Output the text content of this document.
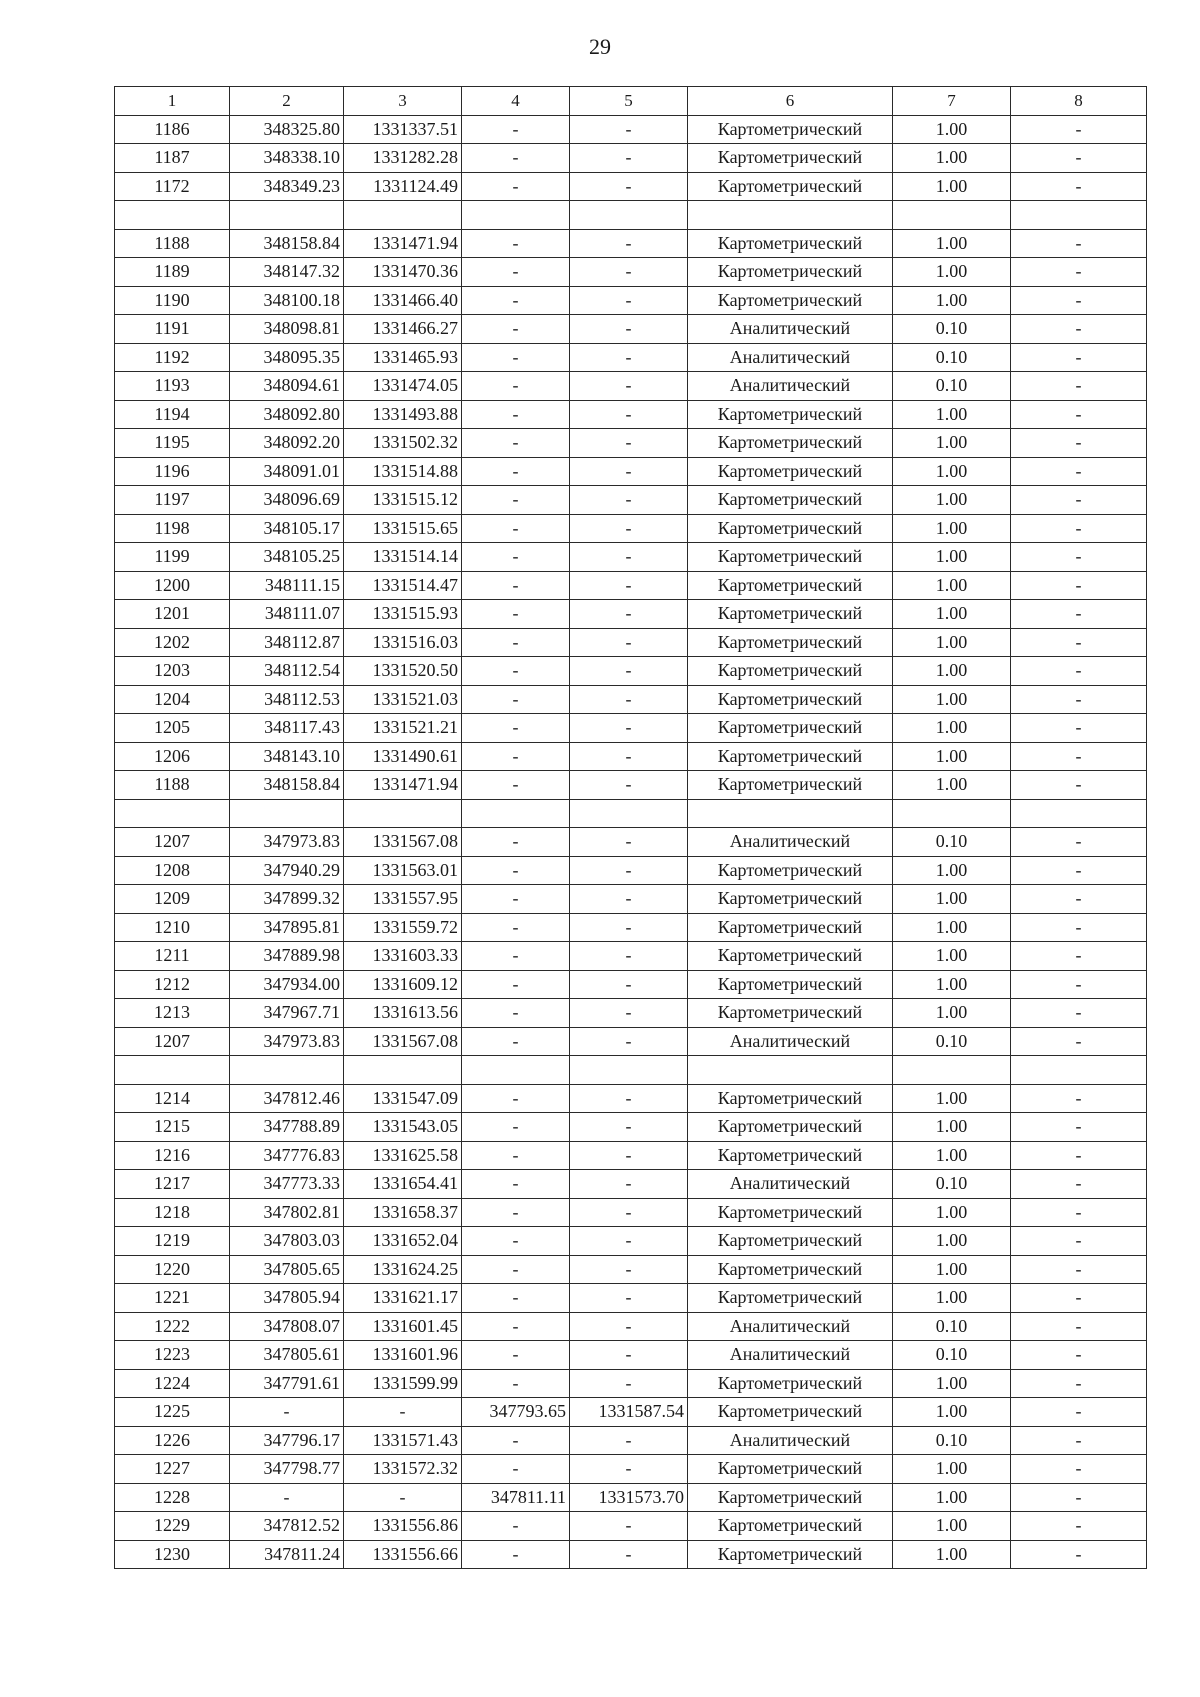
29
1	2	3	4	5	6	7	8
1186	348325.80	1331337.51	-	-	Картометрический	1.00	-
1187	348338.10	1331282.28	-	-	Картометрический	1.00	-
1172	348349.23	1331124.49	-	-	Картометрический	1.00	-

1188	348158.84	1331471.94	-	-	Картометрический	1.00	-
1189	348147.32	1331470.36	-	-	Картометрический	1.00	-
1190	348100.18	1331466.40	-	-	Картометрический	1.00	-
1191	348098.81	1331466.27	-	-	Аналитический	0.10	-
1192	348095.35	1331465.93	-	-	Аналитический	0.10	-
1193	348094.61	1331474.05	-	-	Аналитический	0.10	-
1194	348092.80	1331493.88	-	-	Картометрический	1.00	-
1195	348092.20	1331502.32	-	-	Картометрический	1.00	-
1196	348091.01	1331514.88	-	-	Картометрический	1.00	-
1197	348096.69	1331515.12	-	-	Картометрический	1.00	-
1198	348105.17	1331515.65	-	-	Картометрический	1.00	-
1199	348105.25	1331514.14	-	-	Картометрический	1.00	-
1200	348111.15	1331514.47	-	-	Картометрический	1.00	-
1201	348111.07	1331515.93	-	-	Картометрический	1.00	-
1202	348112.87	1331516.03	-	-	Картометрический	1.00	-
1203	348112.54	1331520.50	-	-	Картометрический	1.00	-
1204	348112.53	1331521.03	-	-	Картометрический	1.00	-
1205	348117.43	1331521.21	-	-	Картометрический	1.00	-
1206	348143.10	1331490.61	-	-	Картометрический	1.00	-
1188	348158.84	1331471.94	-	-	Картометрический	1.00	-

1207	347973.83	1331567.08	-	-	Аналитический	0.10	-
1208	347940.29	1331563.01	-	-	Картометрический	1.00	-
1209	347899.32	1331557.95	-	-	Картометрический	1.00	-
1210	347895.81	1331559.72	-	-	Картометрический	1.00	-
1211	347889.98	1331603.33	-	-	Картометрический	1.00	-
1212	347934.00	1331609.12	-	-	Картометрический	1.00	-
1213	347967.71	1331613.56	-	-	Картометрический	1.00	-
1207	347973.83	1331567.08	-	-	Аналитический	0.10	-

1214	347812.46	1331547.09	-	-	Картометрический	1.00	-
1215	347788.89	1331543.05	-	-	Картометрический	1.00	-
1216	347776.83	1331625.58	-	-	Картометрический	1.00	-
1217	347773.33	1331654.41	-	-	Аналитический	0.10	-
1218	347802.81	1331658.37	-	-	Картометрический	1.00	-
1219	347803.03	1331652.04	-	-	Картометрический	1.00	-
1220	347805.65	1331624.25	-	-	Картометрический	1.00	-
1221	347805.94	1331621.17	-	-	Картометрический	1.00	-
1222	347808.07	1331601.45	-	-	Аналитический	0.10	-
1223	347805.61	1331601.96	-	-	Аналитический	0.10	-
1224	347791.61	1331599.99	-	-	Картометрический	1.00	-
1225	-	-	347793.65	1331587.54	Картометрический	1.00	-
1226	347796.17	1331571.43	-	-	Аналитический	0.10	-
1227	347798.77	1331572.32	-	-	Картометрический	1.00	-
1228	-	-	347811.11	1331573.70	Картометрический	1.00	-
1229	347812.52	1331556.86	-	-	Картометрический	1.00	-
1230	347811.24	1331556.66	-	-	Картометрический	1.00	-
